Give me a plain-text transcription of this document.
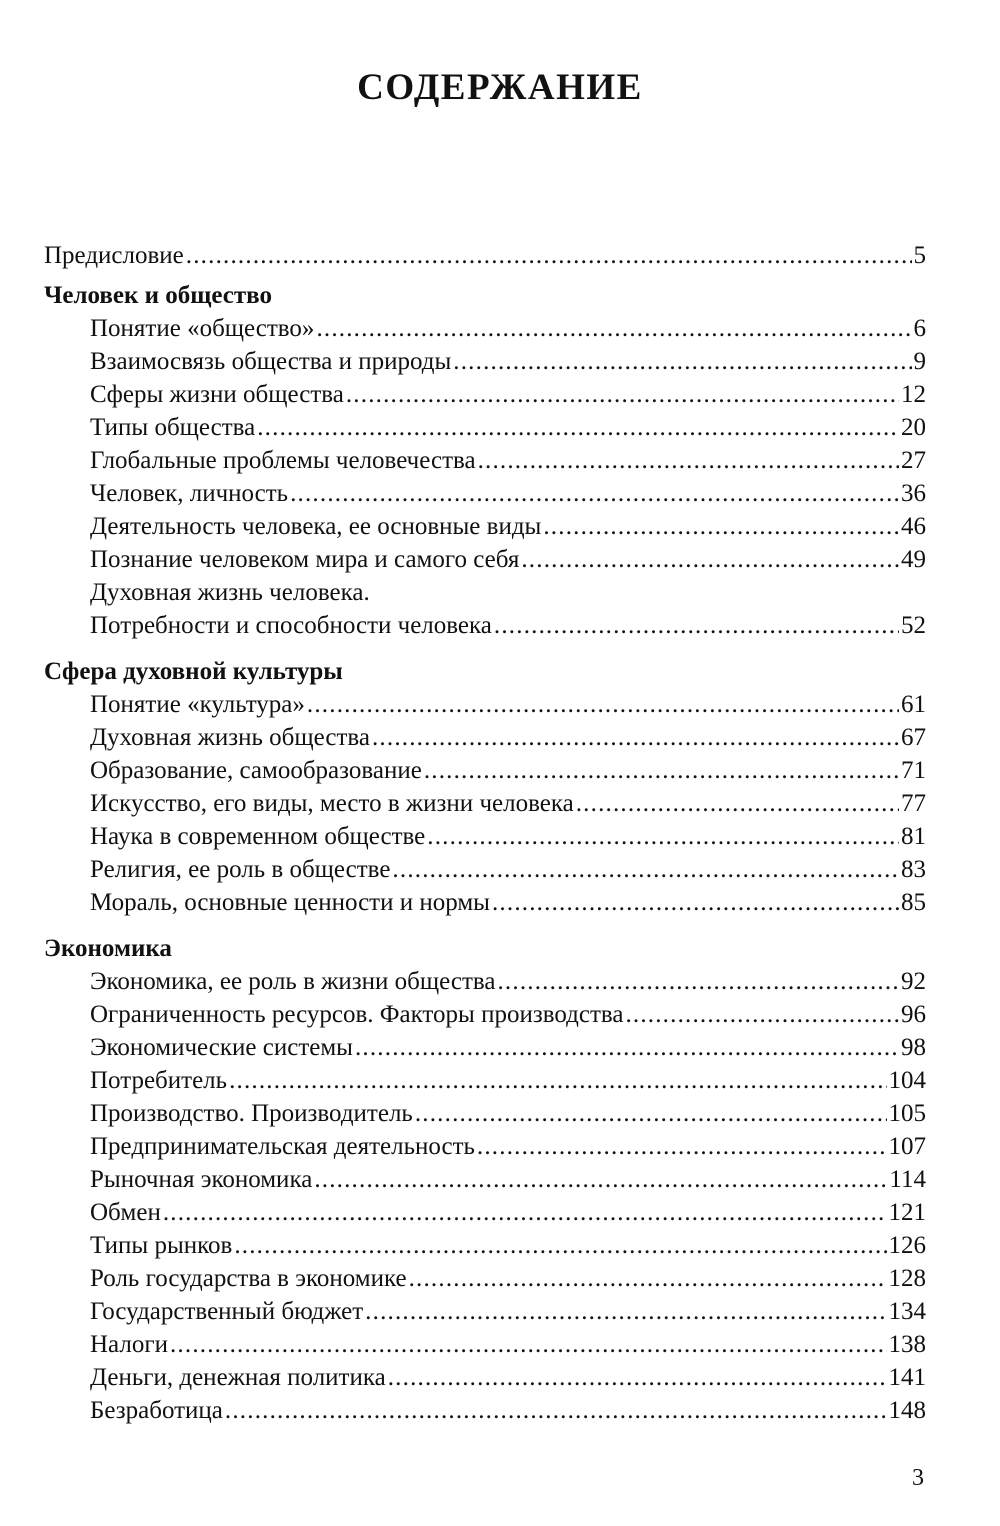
СОДЕРЖАНИЕ
Предисловие .....	5
Человек и общество
Понятие «общество» .....	6
Взаимосвязь общества и природы .....	9
Сферы жизни общества .....	12
Типы общества .....	20
Глобальные проблемы человечества .....	27
Человек, личность .....	36
Деятельность человека, ее основные виды .....	46
Познание человеком мира и самого себя .....	49
Духовная жизнь человека.
Потребности и способности человека .....	52
Сфера духовной культуры
Понятие «культура» .....	61
Духовная жизнь общества .....	67
Образование, самообразование .....	71
Искусство, его виды, место в жизни человека .....	77
Наука в современном обществе .....	81
Религия, ее роль в обществе .....	83
Мораль, основные ценности и нормы .....	85
Экономика
Экономика, ее роль в жизни общества .....	92
Ограниченность ресурсов. Факторы производства .....	96
Экономические системы .....	98
Потребитель .....	104
Производство. Производитель .....	105
Предпринимательская деятельность .....	107
Рыночная экономика .....	114
Обмен .....	121
Типы рынков .....	126
Роль государства в экономике .....	128
Государственный бюджет .....	134
Налоги .....	138
Деньги, денежная политика .....	141
Безработица .....	148
3
